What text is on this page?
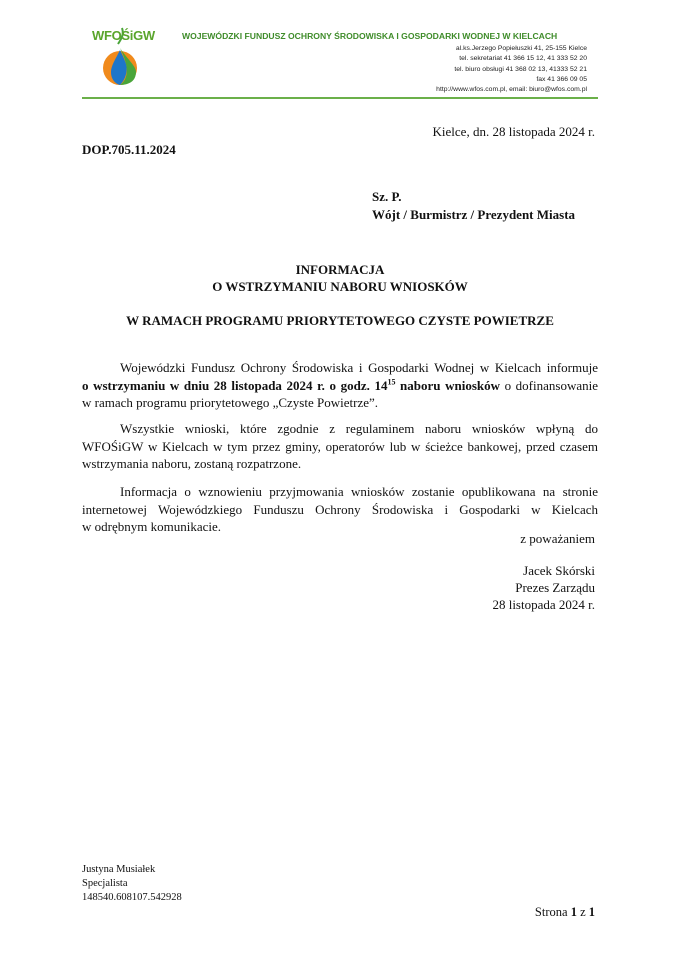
WFOŚiGW	WOJEWÓDZKI FUNDUSZ OCHRONY ŚRODOWISKA I GOSPODARKI WODNEJ W KIELCACH
al.ks.Jerzego Popiełuszki 41, 25-155 Kielce
tel. sekretariat 41 366 15 12, 41 333 52 20
tel. biuro obsługi 41 368 02 13, 41333 52 21
fax 41 366 09 05
http://www.wfos.com.pl, email: biuro@wfos.com.pl
Kielce, dn. 28 listopada 2024 r.
DOP.705.11.2024
Sz. P.
Wójt / Burmistrz / Prezydent Miasta
INFORMACJA
O WSTRZYMANIU NABORU WNIOSKÓW
W RAMACH PROGRAMU PRIORYTETOWEGO CZYSTE POWIETRZE
Wojewódzki Fundusz Ochrony Środowiska i Gospodarki Wodnej w Kielcach informuje
o wstrzymaniu w dniu 28 listopada 2024 r. o godz. $14^{15}$ naboru wniosków o dofinansowanie
w ramach programu priorytetowego „Czyste Powietrze”.
Wszystkie wnioski, które zgodnie z regulaminem naboru wniosków wpłyną do
WFOŚiGW w Kielcach w tym przez gminy, operatorów lub w ścieżce bankowej, przed czasem
wstrzymania naboru, zostaną rozpatrzone.
Informacja o wznowieniu przyjmowania wniosków zostanie opublikowana na stronie
internetowej Wojewódzkiego Funduszu Ochrony Środowiska i Gospodarki w Kielcach
w odrębnym komunikacie.
z poważaniem
Jacek Skórski
Prezes Zarządu
28 listopada 2024 r.
Justyna Musiałek
Specjalista
148540.608107.542928
Strona 1 z 1
